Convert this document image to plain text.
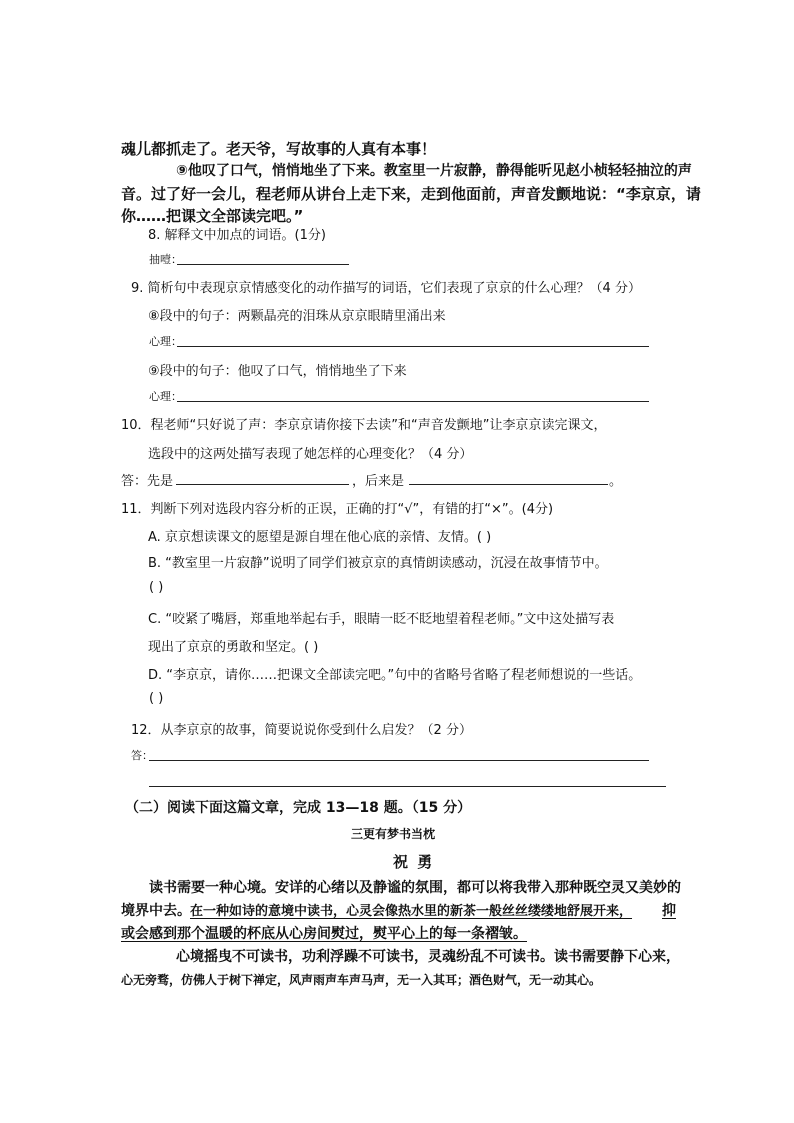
魂儿都抓走了。老天爷，写故事的人真有本事！
⑨他叹了口气，悄悄地坐了下来。教室里一片寂静，静得能听见赵小桢轻轻抽泣的声
音。过了好一会儿，程老师从讲台上走下来，走到他面前，声音发颤地说：“李京京，请
你……把课文全部读完吧。”
8. 解释文中加点的词语。(1分)
抽噎：
9. 简析句中表现京京情感变化的动作描写的词语，它们表现了京京的什么心理？（4 分）
⑧段中的句子：两颗晶亮的泪珠从京京眼睛里涌出来
心理：
⑨段中的句子：他叹了口气，悄悄地坐了下来
心理：
10．程老师“只好说了声：李京京请你接下去读”和“声音发颤地”让李京京读完课文，
选段中的这两处描写表现了她怎样的心理变化？（4 分）
答：先是	，后来是	。
11．判断下列对选段内容分析的正误，正确的打“√”，有错的打“×”。(4分)
A. 京京想读课文的愿望是源自埋在他心底的亲情、友情。( )
B. “教室里一片寂静”说明了同学们被京京的真情朗读感动，沉浸在故事情节中。
( )
C. “咬紧了嘴唇，郑重地举起右手，眼睛一眨不眨地望着程老师。”文中这处描写表
现出了京京的勇敢和坚定。( )
D. “李京京，请你……把课文全部读完吧。”句中的省略号省略了程老师想说的一些话。
( )
12．从李京京的故事，简要说说你受到什么启发？（2 分）
答：
（二）阅读下面这篇文章，完成 13—18 题。（15 分）
三更有梦书当枕
祝 勇
读书需要一种心境。安详的心绪以及静谧的氛围，都可以将我带入那种既空灵又美妙的
境界中去。 在一种如诗的意境中读书，心灵会像热水里的新茶一般丝丝缕缕地舒展开来， 抑
或会感到那个温暖的杯底从心房间熨过，熨平心上的每一条褶皱。
心境摇曳不可读书，功利浮躁不可读书，灵魂纷乱不可读书。读书需要静下心来，
心无旁骛，仿佛人于树下禅定，风声雨声车声马声，无一入其耳；酒色财气，无一动其心。
